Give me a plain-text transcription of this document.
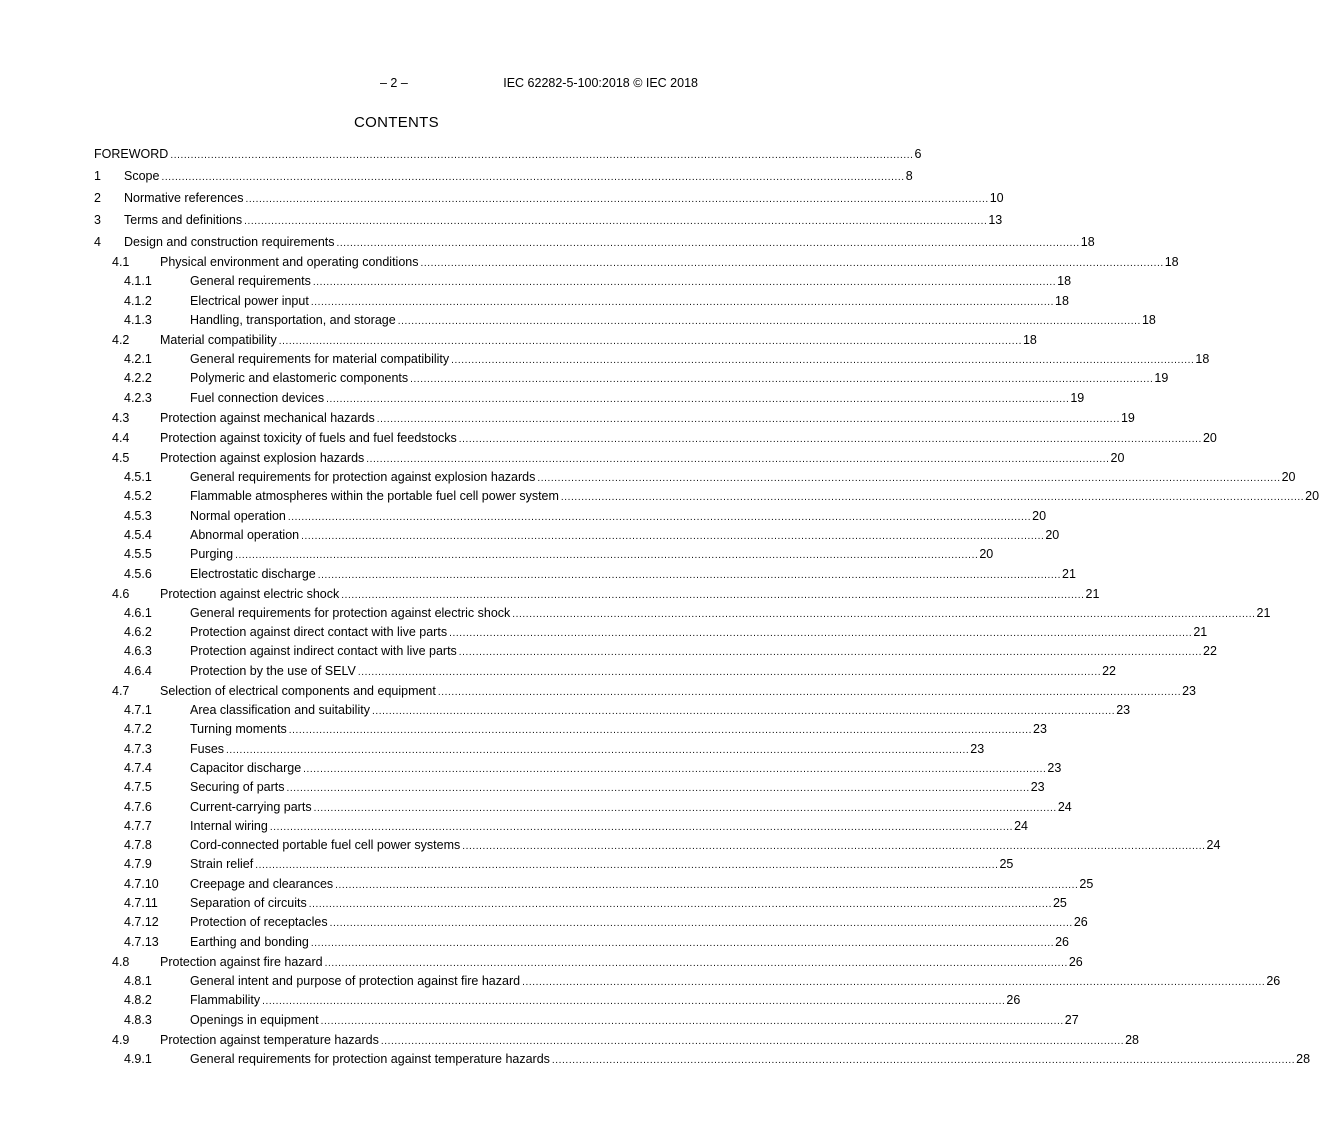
– 2 –	IEC 62282-5-100:2018 © IEC 2018
CONTENTS
FOREWORD ............................................................................................................................................................................................................................ 6
1	Scope ............................................................................................................................................................................................................................ 8
2	Normative references ............................................................................................................................................................................................................................ 10
3	Terms and definitions ............................................................................................................................................................................................................................ 13
4	Design and construction requirements ............................................................................................................................................................................................................................ 18
4.1	Physical environment and operating conditions ............................................................................................................................................................................................................................ 18
4.1.1	General requirements ............................................................................................................................................................................................................................ 18
4.1.2	Electrical power input ............................................................................................................................................................................................................................ 18
4.1.3	Handling, transportation, and storage ............................................................................................................................................................................................................................ 18
4.2	Material compatibility ............................................................................................................................................................................................................................ 18
4.2.1	General requirements for material compatibility ............................................................................................................................................................................................................................ 18
4.2.2	Polymeric and elastomeric components ............................................................................................................................................................................................................................ 19
4.2.3	Fuel connection devices ............................................................................................................................................................................................................................ 19
4.3	Protection against mechanical hazards ............................................................................................................................................................................................................................ 19
4.4	Protection against toxicity of fuels and fuel feedstocks ............................................................................................................................................................................................................................ 20
4.5	Protection against explosion hazards ............................................................................................................................................................................................................................ 20
4.5.1	General requirements for protection against explosion hazards ............................................................................................................................................................................................................................ 20
4.5.2	Flammable atmospheres within the portable fuel cell power system ............................................................................................................................................................................................................................ 20
4.5.3	Normal operation ............................................................................................................................................................................................................................ 20
4.5.4	Abnormal operation ............................................................................................................................................................................................................................ 20
4.5.5	Purging ............................................................................................................................................................................................................................ 20
4.5.6	Electrostatic discharge ............................................................................................................................................................................................................................ 21
4.6	Protection against electric shock ............................................................................................................................................................................................................................ 21
4.6.1	General requirements for protection against electric shock ............................................................................................................................................................................................................................ 21
4.6.2	Protection against direct contact with live parts ............................................................................................................................................................................................................................ 21
4.6.3	Protection against indirect contact with live parts ............................................................................................................................................................................................................................ 22
4.6.4	Protection by the use of SELV ............................................................................................................................................................................................................................ 22
4.7	Selection of electrical components and equipment ............................................................................................................................................................................................................................ 23
4.7.1	Area classification and suitability ............................................................................................................................................................................................................................ 23
4.7.2	Turning moments ............................................................................................................................................................................................................................ 23
4.7.3	Fuses ............................................................................................................................................................................................................................ 23
4.7.4	Capacitor discharge ............................................................................................................................................................................................................................ 23
4.7.5	Securing of parts ............................................................................................................................................................................................................................ 23
4.7.6	Current-carrying parts ............................................................................................................................................................................................................................ 24
4.7.7	Internal wiring ............................................................................................................................................................................................................................ 24
4.7.8	Cord-connected portable fuel cell power systems ............................................................................................................................................................................................................................ 24
4.7.9	Strain relief ............................................................................................................................................................................................................................ 25
4.7.10	Creepage and clearances ............................................................................................................................................................................................................................ 25
4.7.11	Separation of circuits ............................................................................................................................................................................................................................ 25
4.7.12	Protection of receptacles ............................................................................................................................................................................................................................ 26
4.7.13	Earthing and bonding ............................................................................................................................................................................................................................ 26
4.8	Protection against fire hazard ............................................................................................................................................................................................................................ 26
4.8.1	General intent and purpose of protection against fire hazard ............................................................................................................................................................................................................................ 26
4.8.2	Flammability ............................................................................................................................................................................................................................ 26
4.8.3	Openings in equipment ............................................................................................................................................................................................................................ 27
4.9	Protection against temperature hazards ............................................................................................................................................................................................................................ 28
4.9.1	General requirements for protection against temperature hazards ............................................................................................................................................................................................................................ 28
